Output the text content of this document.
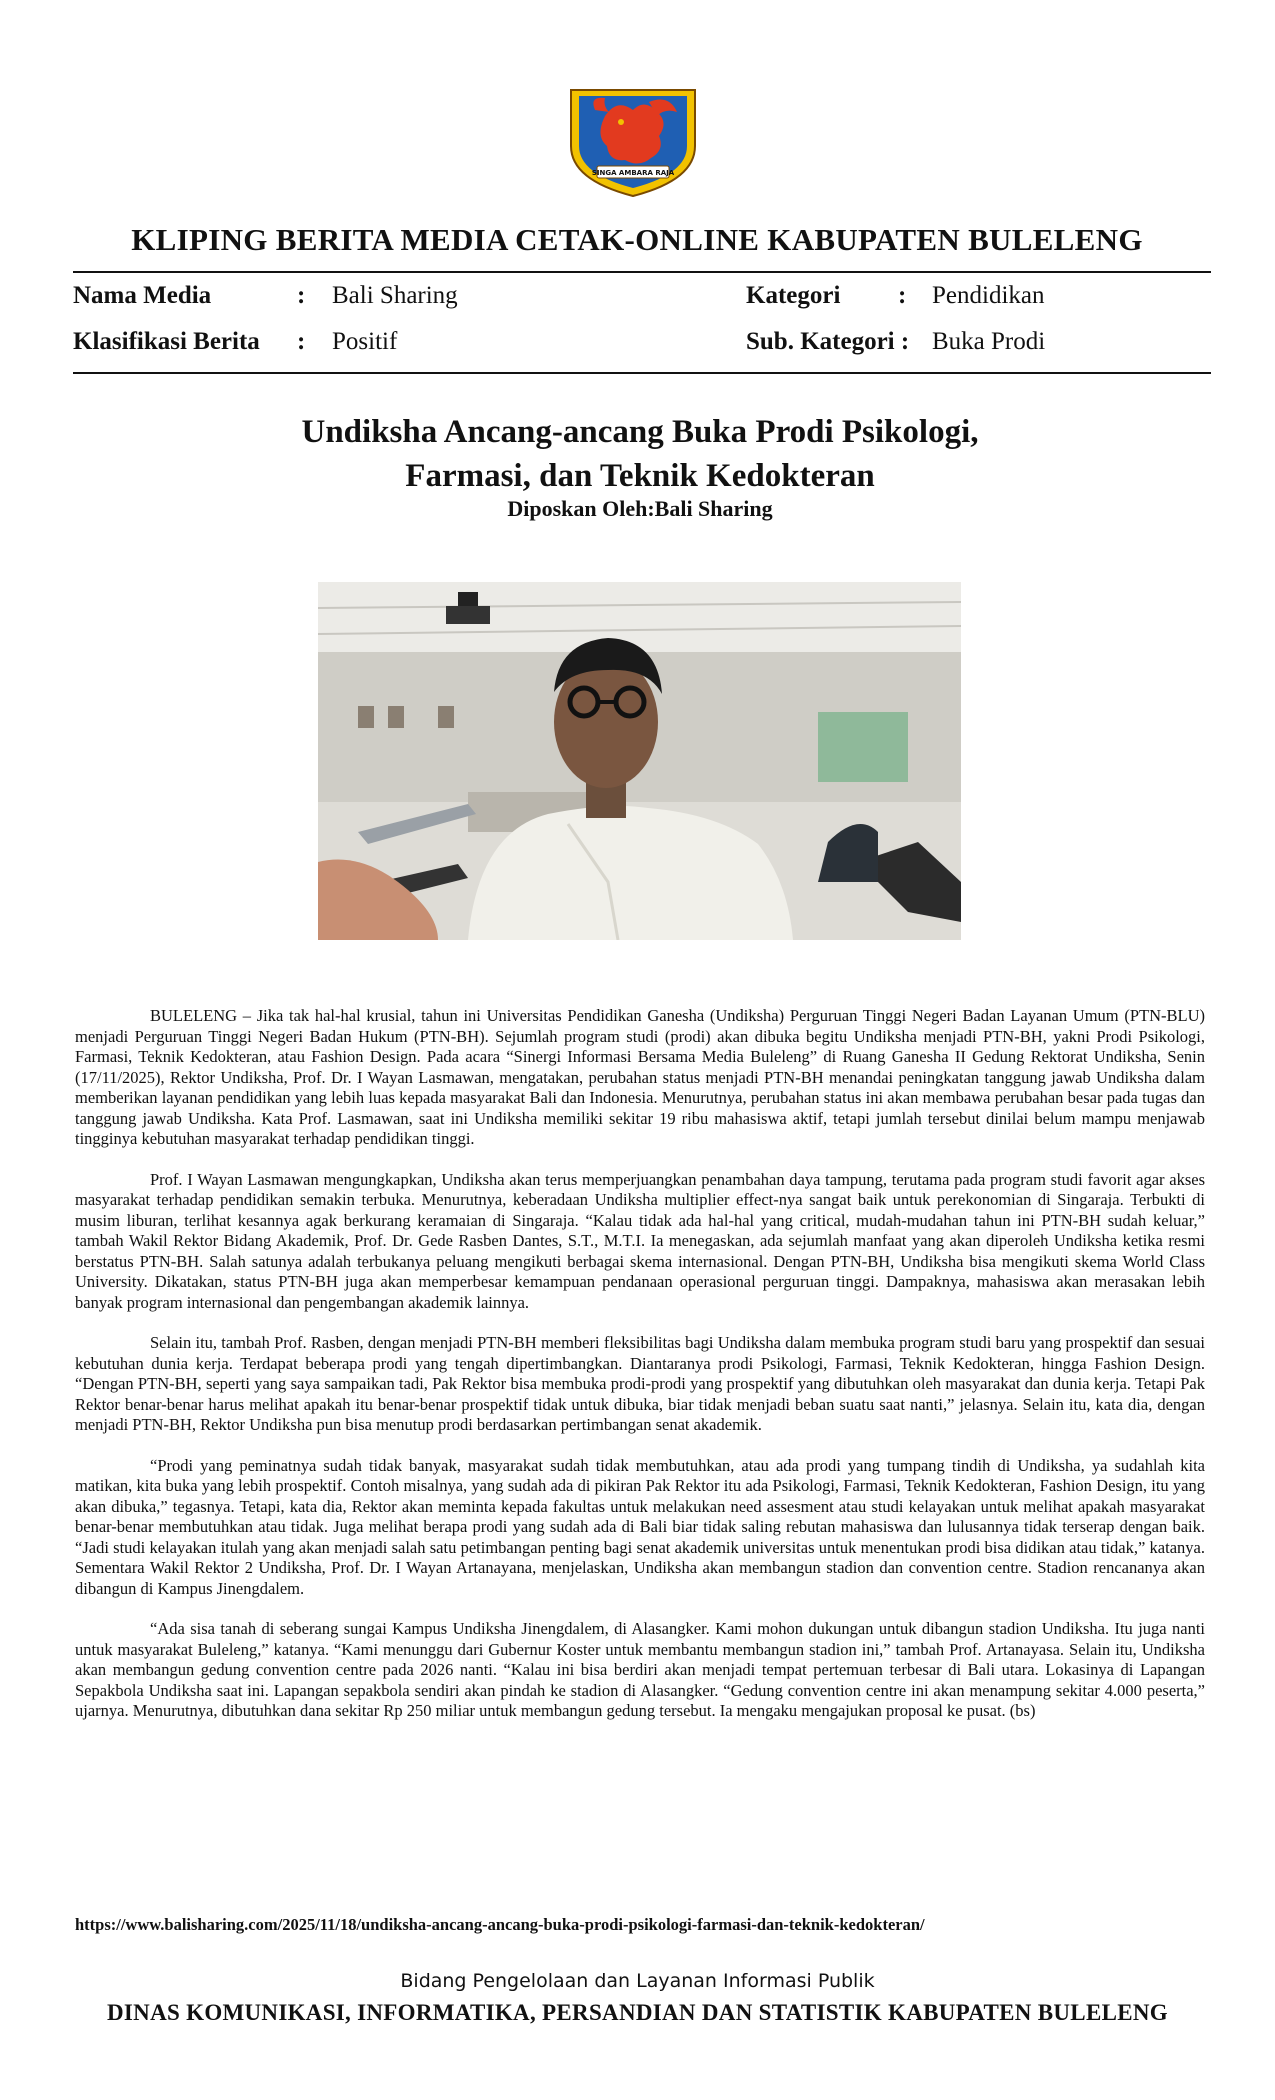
SINGA AMBARA RAJA
KLIPING BERITA MEDIA CETAK-ONLINE KABUPATEN BULELENG
Nama Media	: Bali Sharing	Kategori : Pendidikan
Klasifikasi Berita : Positif	Sub. Kategori : Buka Prodi
Undiksha Ancang-ancang Buka Prodi Psikologi,
Farmasi, dan Teknik Kedokteran
Diposkan Oleh:Bali Sharing

BULELENG – Jika tak hal-hal krusial, tahun ini Universitas Pendidikan Ganesha (Undiksha) Perguruan Tinggi Negeri Badan Layanan Umum (PTN-BLU) menjadi Perguruan Tinggi Negeri Badan Hukum (PTN-BH). Sejumlah program studi (prodi) akan dibuka begitu Undiksha menjadi PTN-BH, yakni Prodi Psikologi, Farmasi, Teknik Kedokteran, atau Fashion Design. Pada acara “Sinergi Informasi Bersama Media Buleleng” di Ruang Ganesha II Gedung Rektorat Undiksha, Senin (17/11/2025), Rektor Undiksha, Prof. Dr. I Wayan Lasmawan, mengatakan, perubahan status menjadi PTN-BH menandai peningkatan tanggung jawab Undiksha dalam memberikan layanan pendidikan yang lebih luas kepada masyarakat Bali dan Indonesia. Menurutnya, perubahan status ini akan membawa perubahan besar pada tugas dan tanggung jawab Undiksha. Kata Prof. Lasmawan, saat ini Undiksha memiliki sekitar 19 ribu mahasiswa aktif, tetapi jumlah tersebut dinilai belum mampu menjawab tingginya kebutuhan masyarakat terhadap pendidikan tinggi.

Prof. I Wayan Lasmawan mengungkapkan, Undiksha akan terus memperjuangkan penambahan daya tampung, terutama pada program studi favorit agar akses masyarakat terhadap pendidikan semakin terbuka. Menurutnya, keberadaan Undiksha multiplier effect-nya sangat baik untuk perekonomian di Singaraja. Terbukti di musim liburan, terlihat kesannya agak berkurang keramaian di Singaraja. “Kalau tidak ada hal-hal yang critical, mudah-mudahan tahun ini PTN-BH sudah keluar,” tambah Wakil Rektor Bidang Akademik, Prof. Dr. Gede Rasben Dantes, S.T., M.T.I. Ia menegaskan, ada sejumlah manfaat yang akan diperoleh Undiksha ketika resmi berstatus PTN-BH. Salah satunya adalah terbukanya peluang mengikuti berbagai skema internasional. Dengan PTN-BH, Undiksha bisa mengikuti skema World Class University. Dikatakan, status PTN-BH juga akan memperbesar kemampuan pendanaan operasional perguruan tinggi. Dampaknya, mahasiswa akan merasakan lebih banyak program internasional dan pengembangan akademik lainnya.

Selain itu, tambah Prof. Rasben, dengan menjadi PTN-BH memberi fleksibilitas bagi Undiksha dalam membuka program studi baru yang prospektif dan sesuai kebutuhan dunia kerja. Terdapat beberapa prodi yang tengah dipertimbangkan. Diantaranya prodi Psikologi, Farmasi, Teknik Kedokteran, hingga Fashion Design. “Dengan PTN-BH, seperti yang saya sampaikan tadi, Pak Rektor bisa membuka prodi-prodi yang prospektif yang dibutuhkan oleh masyarakat dan dunia kerja. Tetapi Pak Rektor benar-benar harus melihat apakah itu benar-benar prospektif tidak untuk dibuka, biar tidak menjadi beban suatu saat nanti,” jelasnya. Selain itu, kata dia, dengan menjadi PTN-BH, Rektor Undiksha pun bisa menutup prodi berdasarkan pertimbangan senat akademik.

“Prodi yang peminatnya sudah tidak banyak, masyarakat sudah tidak membutuhkan, atau ada prodi yang tumpang tindih di Undiksha, ya sudahlah kita matikan, kita buka yang lebih prospektif. Contoh misalnya, yang sudah ada di pikiran Pak Rektor itu ada Psikologi, Farmasi, Teknik Kedokteran, Fashion Design, itu yang akan dibuka,” tegasnya. Tetapi, kata dia, Rektor akan meminta kepada fakultas untuk melakukan need assesment atau studi kelayakan untuk melihat apakah masyarakat benar-benar membutuhkan atau tidak. Juga melihat berapa prodi yang sudah ada di Bali biar tidak saling rebutan mahasiswa dan lulusannya tidak terserap dengan baik. “Jadi studi kelayakan itulah yang akan menjadi salah satu petimbangan penting bagi senat akademik universitas untuk menentukan prodi bisa didikan atau tidak,” katanya. Sementara Wakil Rektor 2 Undiksha, Prof. Dr. I Wayan Artanayana, menjelaskan, Undiksha akan membangun stadion dan convention centre. Stadion rencananya akan dibangun di Kampus Jinengdalem.

“Ada sisa tanah di seberang sungai Kampus Undiksha Jinengdalem, di Alasangker. Kami mohon dukungan untuk dibangun stadion Undiksha. Itu juga nanti untuk masyarakat Buleleng,” katanya. “Kami menunggu dari Gubernur Koster untuk membantu membangun stadion ini,” tambah Prof. Artanayasa. Selain itu, Undiksha akan membangun gedung convention centre pada 2026 nanti. “Kalau ini bisa berdiri akan menjadi tempat pertemuan terbesar di Bali utara. Lokasinya di Lapangan Sepakbola Undiksha saat ini. Lapangan sepakbola sendiri akan pindah ke stadion di Alasangker. “Gedung convention centre ini akan menampung sekitar 4.000 peserta,” ujarnya. Menurutnya, dibutuhkan dana sekitar Rp 250 miliar untuk membangun gedung tersebut. Ia mengaku mengajukan proposal ke pusat. (bs)

https://www.balisharing.com/2025/11/18/undiksha-ancang-ancang-buka-prodi-psikologi-farmasi-dan-teknik-kedokteran/
Bidang Pengelolaan dan Layanan Informasi Publik
DINAS KOMUNIKASI, INFORMATIKA, PERSANDIAN DAN STATISTIK KABUPATEN BULELENG
